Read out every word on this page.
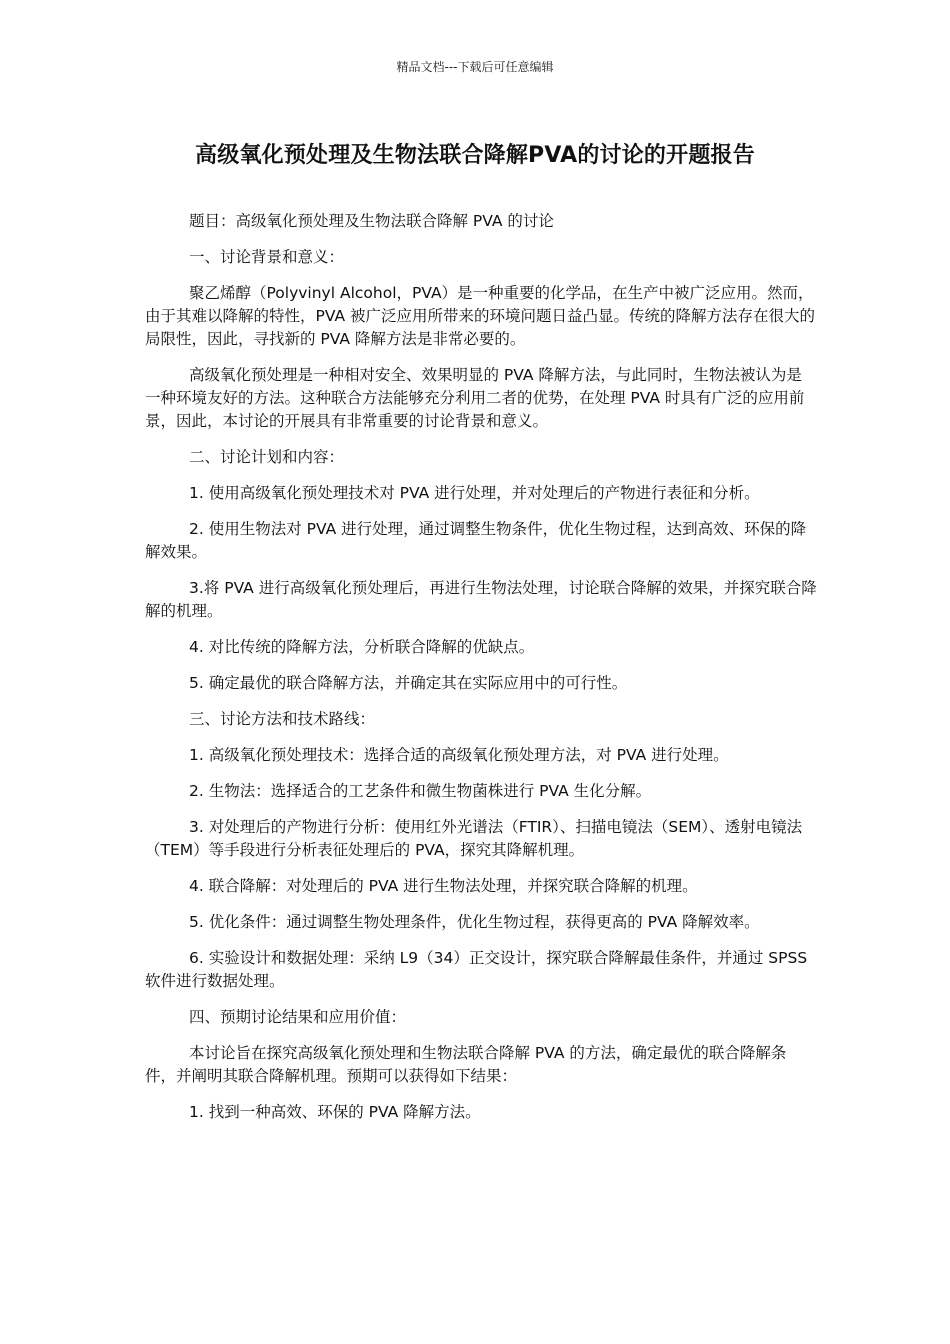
精品文档---下载后可任意编辑
高级氧化预处理及生物法联合降解PVA的讨论的开题报告

题目：高级氧化预处理及生物法联合降解 PVA 的讨论

一、讨论背景和意义：

聚乙烯醇（Polyvinyl Alcohol，PVA）是一种重要的化学品，在生产中被广泛应用。然而，由于其难以降解的特性，PVA 被广泛应用所带来的环境问题日益凸显。传统的降解方法存在很大的局限性，因此，寻找新的 PVA 降解方法是非常必要的。

高级氧化预处理是一种相对安全、效果明显的 PVA 降解方法，与此同时，生物法被认为是一种环境友好的方法。这种联合方法能够充分利用二者的优势，在处理 PVA 时具有广泛的应用前景，因此，本讨论的开展具有非常重要的讨论背景和意义。

二、讨论计划和内容：

1. 使用高级氧化预处理技术对 PVA 进行处理，并对处理后的产物进行表征和分析。

2. 使用生物法对 PVA 进行处理，通过调整生物条件，优化生物过程，达到高效、环保的降解效果。

3.将 PVA 进行高级氧化预处理后，再进行生物法处理，讨论联合降解的效果，并探究联合降解的机理。

4. 对比传统的降解方法，分析联合降解的优缺点。

5. 确定最优的联合降解方法，并确定其在实际应用中的可行性。

三、讨论方法和技术路线：

1. 高级氧化预处理技术：选择合适的高级氧化预处理方法，对 PVA 进行处理。

2. 生物法：选择适合的工艺条件和微生物菌株进行 PVA 生化分解。

3. 对处理后的产物进行分析：使用红外光谱法（FTIR）、扫描电镜法（SEM）、透射电镜法（TEM）等手段进行分析表征处理后的 PVA，探究其降解机理。

4. 联合降解：对处理后的 PVA 进行生物法处理，并探究联合降解的机理。

5. 优化条件：通过调整生物处理条件，优化生物过程，获得更高的 PVA 降解效率。

6. 实验设计和数据处理：采纳 L9（34）正交设计，探究联合降解最佳条件，并通过 SPSS 软件进行数据处理。

四、预期讨论结果和应用价值：

本讨论旨在探究高级氧化预处理和生物法联合降解 PVA 的方法，确定最优的联合降解条件，并阐明其联合降解机理。预期可以获得如下结果：

1. 找到一种高效、环保的 PVA 降解方法。
